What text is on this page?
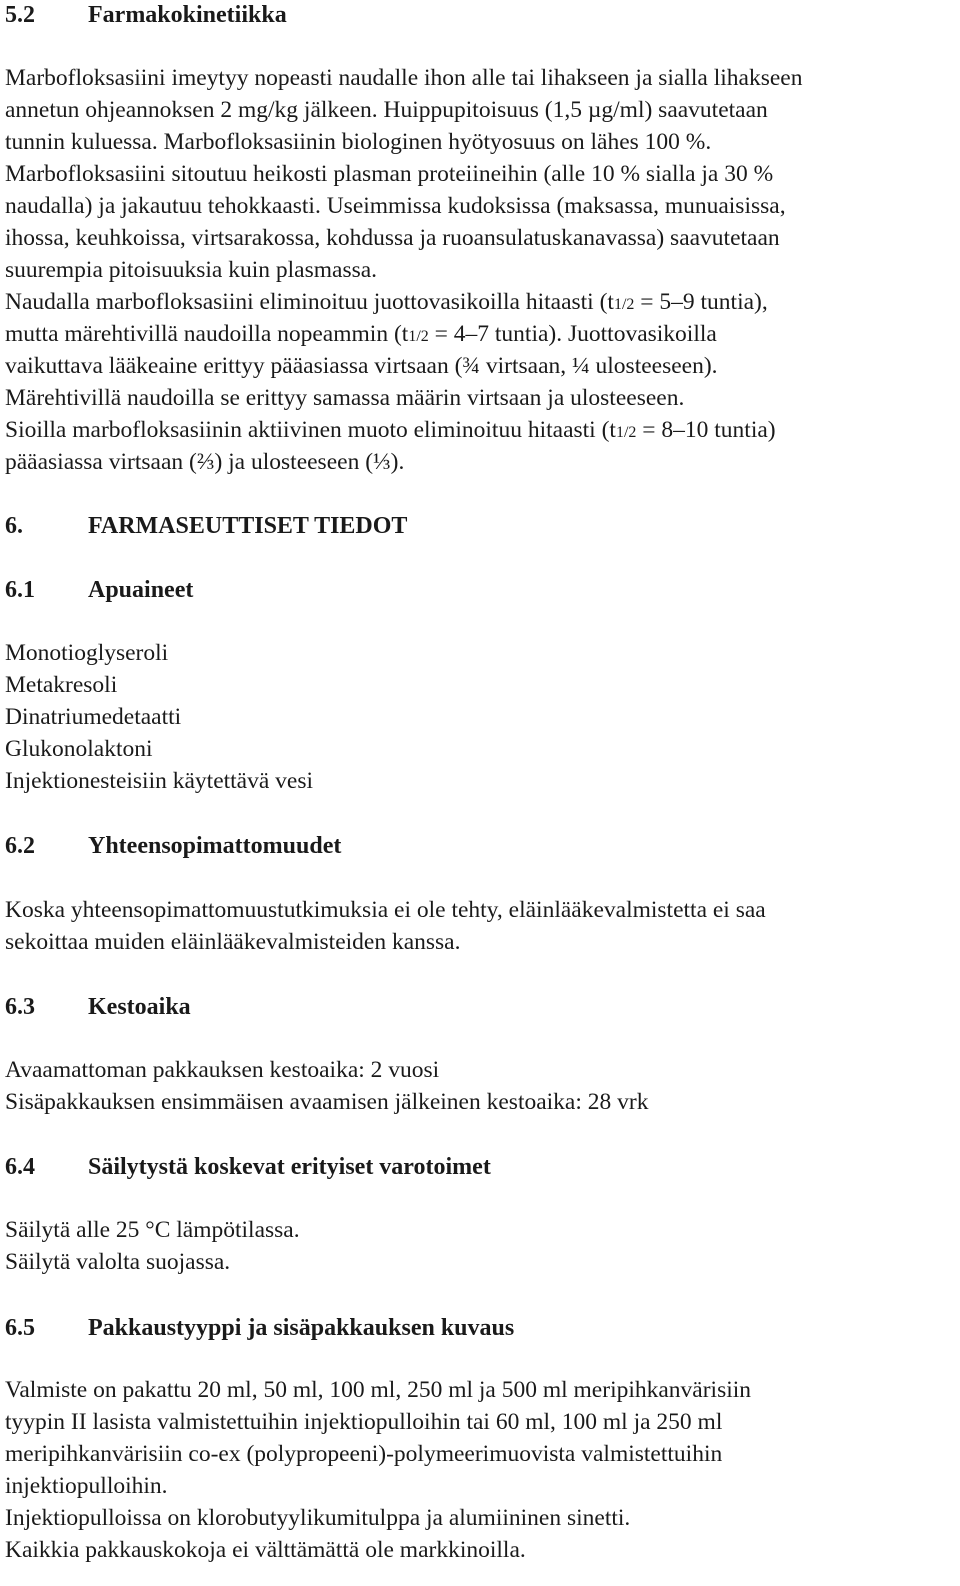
5.2 Farmakokinetiikka
Marbofloksasiini imeytyy nopeasti naudalle ihon alle tai lihakseen ja sialla lihakseen
annetun ohjeannoksen 2 mg/kg jälkeen. Huippupitoisuus (1,5 µg/ml) saavutetaan
tunnin kuluessa. Marbofloksasiinin biologinen hyötyosuus on lähes 100 %.
Marbofloksasiini sitoutuu heikosti plasman proteiineihin (alle 10 % sialla ja 30 %
naudalla) ja jakautuu tehokkaasti. Useimmissa kudoksissa (maksassa, munuaisissa,
ihossa, keuhkoissa, virtsarakossa, kohdussa ja ruoansulatuskanavassa) saavutetaan
suurempia pitoisuuksia kuin plasmassa.
Naudalla marbofloksasiini eliminoituu juottovasikoilla hitaasti (t1/2 = 5–9 tuntia),
mutta märehtivillä naudoilla nopeammin (t1/2 = 4–7 tuntia). Juottovasikoilla
vaikuttava lääkeaine erittyy pääasiassa virtsaan (¾ virtsaan, ¼ ulosteeseen).
Märehtivillä naudoilla se erittyy samassa määrin virtsaan ja ulosteeseen.
Sioilla marbofloksasiinin aktiivinen muoto eliminoituu hitaasti (t1/2 = 8–10 tuntia)
pääasiassa virtsaan (⅔) ja ulosteeseen (⅓).
6.	FARMASEUTTISET TIEDOT
6.1 Apuaineet
Monotioglyseroli
Metakresoli
Dinatriumedetaatti
Glukonolaktoni
Injektionesteisiin käytettävä vesi
6.2 Yhteensopimattomuudet
Koska yhteensopimattomuustutkimuksia ei ole tehty, eläinlääkevalmistetta ei saa
sekoittaa muiden eläinlääkevalmisteiden kanssa.
6.3 Kestoaika
Avaamattoman pakkauksen kestoaika: 2 vuosi
Sisäpakkauksen ensimmäisen avaamisen jälkeinen kestoaika: 28 vrk
6.4 Säilytystä koskevat erityiset varotoimet
Säilytä alle 25 °C lämpötilassa.
Säilytä valolta suojassa.
6.5 Pakkaustyyppi ja sisäpakkauksen kuvaus
Valmiste on pakattu 20 ml, 50 ml, 100 ml, 250 ml ja 500 ml meripihkanvärisiin
tyypin II lasista valmistettuihin injektiopulloihin tai 60 ml, 100 ml ja 250 ml
meripihkanvärisiin co-ex (polypropeeni)-polymeerimuovista valmistettuihin
injektiopulloihin.
Injektiopulloissa on klorobutyylikumitulppa ja alumiininen sinetti.
Kaikkia pakkauskokoja ei välttämättä ole markkinoilla.
